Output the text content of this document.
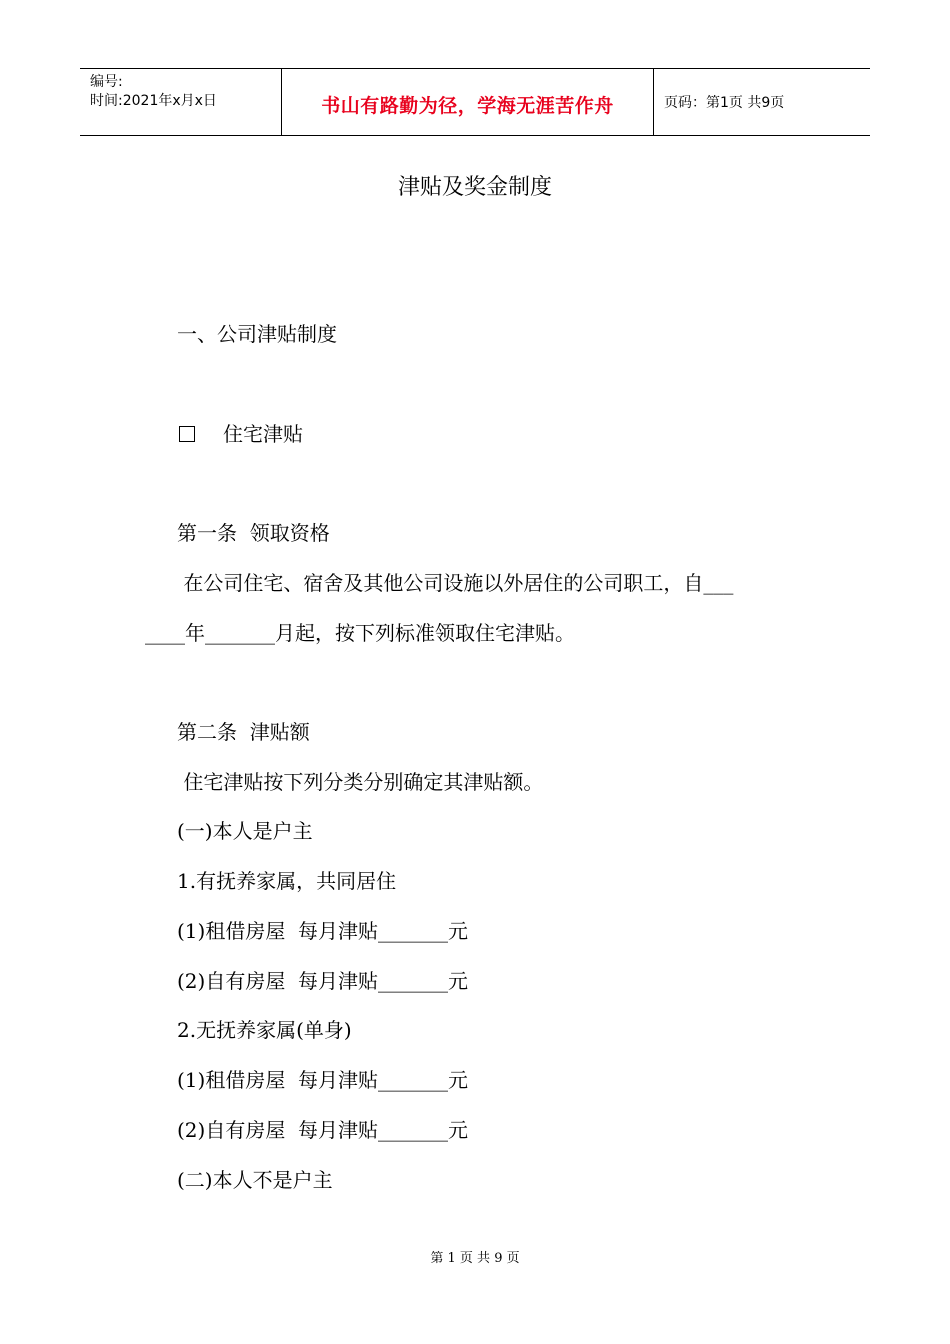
编号:
时间:2021年x月x日	书山有路勤为径，学海无涯苦作舟	页码：第1页 共9页
津贴及奖金制度
一、公司津贴制度
住宅津贴
第一条  领取资格
在公司住宅、宿舍及其他公司设施以外居住的公司职工，自___
____年_______月起，按下列标准领取住宅津贴。
第二条  津贴额
住宅津贴按下列分类分别确定其津贴额。
(一)本人是户主
1.有抚养家属，共同居住
(1)租借房屋  每月津贴_______元
(2)自有房屋  每月津贴_______元
2.无抚养家属(单身)
(1)租借房屋  每月津贴_______元
(2)自有房屋  每月津贴_______元
(二)本人不是户主
第 1 页 共 9 页
